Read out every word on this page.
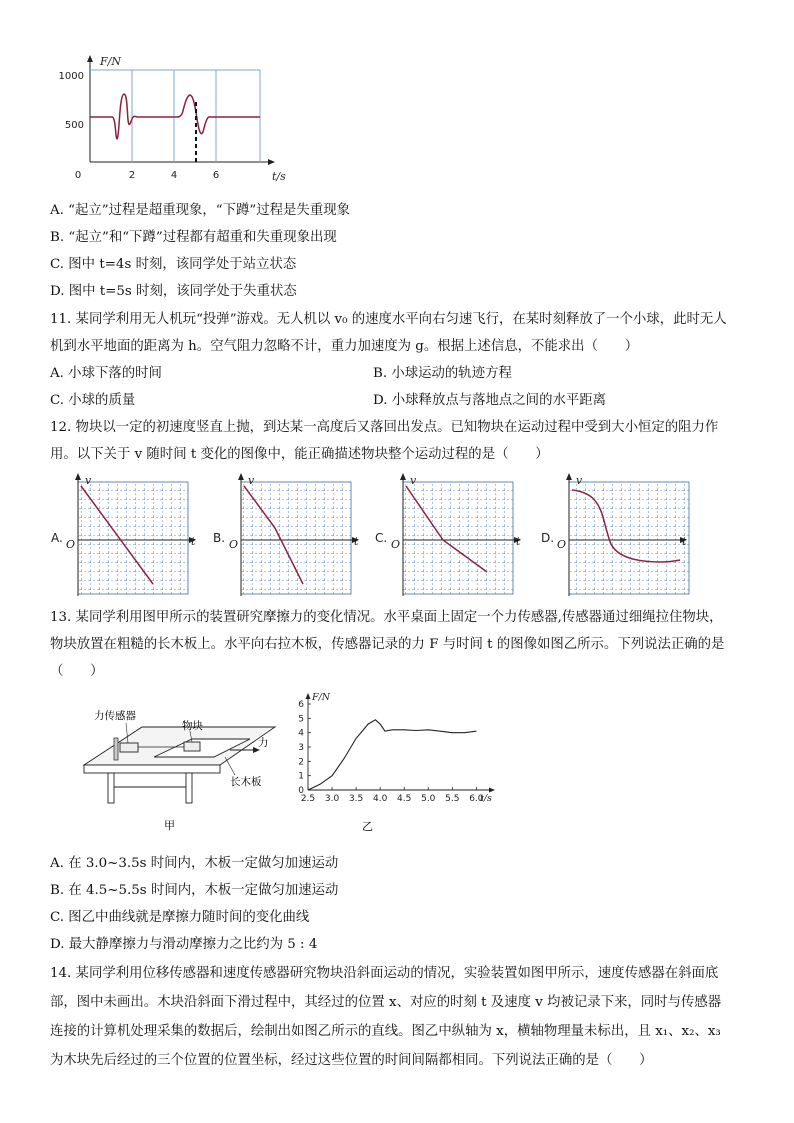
F/N
1000
500
0	2	4	6	t/s
A. “起立”过程是超重现象，“下蹲”过程是失重现象
B. “起立”和“下蹲”过程都有超重和失重现象出现
C. 图中 t=4s 时刻，该同学处于站立状态
D. 图中 t=5s 时刻，该同学处于失重状态
11. 某同学利用无人机玩“投弹”游戏。无人机以 v₀ 的速度水平向右匀速飞行，在某时刻释放了一个小球，此时无人
机到水平地面的距离为 h。空气阻力忽略不计，重力加速度为 g。根据上述信息，不能求出（　　）
A. 小球下落的时间	B. 小球运动的轨迹方程
C. 小球的质量	D. 小球释放点与落地点之间的水平距离
12. 物块以一定的初速度竖直上抛，到达某一高度后又落回出发点。已知物块在运动过程中受到大小恒定的阻力作
用。以下关于 v 随时间 t 变化的图像中，能正确描述物块整个运动过程的是（　　）
A.
v
O	t B.
v
O	t C.
v
O	t D.
v
O	t
13. 某同学利用图甲所示的装置研究摩擦力的变化情况。水平桌面上固定一个力传感器,传感器通过细绳拉住物块，
物块放置在粗糙的长木板上。水平向右拉木板，传感器记录的力 F 与时间 t 的图像如图乙所示。下列说法正确的是
（　　）
力传感器
物块
力
长木板
甲
0
1
2
3
4
5
6
2.5 3.0 3.5 4.0 4.5 5.0 5.5 6.0
F/N
t/s
乙
A. 在 3.0~3.5s 时间内，木板一定做匀加速运动
B. 在 4.5~5.5s 时间内，木板一定做匀加速运动
C. 图乙中曲线就是摩擦力随时间的变化曲线
D. 最大静摩擦力与滑动摩擦力之比约为 5 : 4
14. 某同学利用位移传感器和速度传感器研究物块沿斜面运动的情况，实验装置如图甲所示，速度传感器在斜面底
部，图中未画出。木块沿斜面下滑过程中，其经过的位置 x、对应的时刻 t 及速度 v 均被记录下来，同时与传感器
连接的计算机处理采集的数据后，绘制出如图乙所示的直线。图乙中纵轴为 x，横轴物理量未标出，且 x₁、x₂、x₃
为木块先后经过的三个位置的位置坐标，经过这些位置的时间间隔都相同。下列说法正确的是（　　）
